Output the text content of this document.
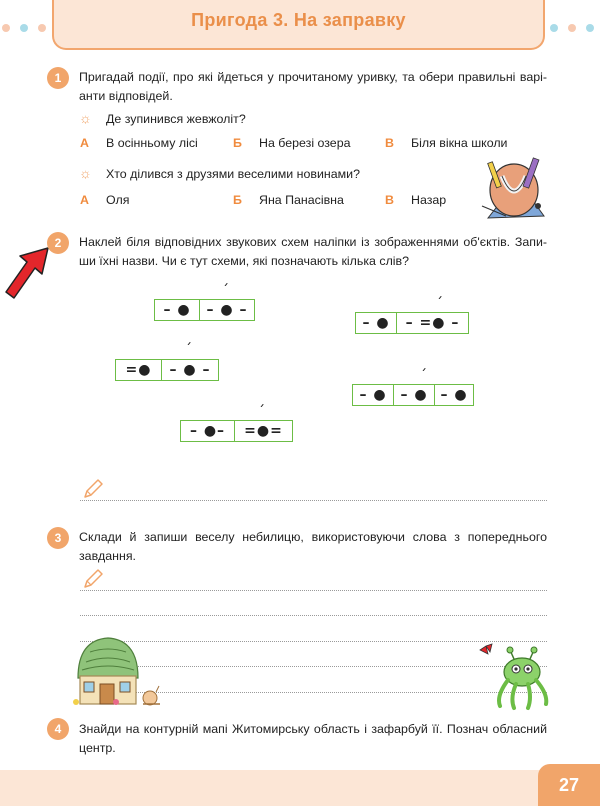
Пригода 3. На заправку
1	Пригадай події, про які йдеться у прочитаному уривку, та обери правильні варі-анти відповідей.
☼ Де зупинився жевжоліт?
А В осінньому лісі	Б На березі озера	В Біля вікна школи
☼ Хто ділився з друзями веселими новинами?
А Оля	Б Яна Панасівна	В Назар
2	Наклей біля відповідних звукових схем наліпки із зображеннями об'єктів. Запи-ши їхні назви. Чи є тут схеми, які позначають кілька слів?
´
– ●	– ● –	´
– ●	– =● –
´
=●	– ● –	´
– ● – ● – ●
´
– ●–	=●=
3	Склади й запиши веселу небилицю, використовуючи слова з попереднього завдання.
4	Знайди на контурній мапі Житомирську область і зафарбуй її. Познач обласний центр.
27
